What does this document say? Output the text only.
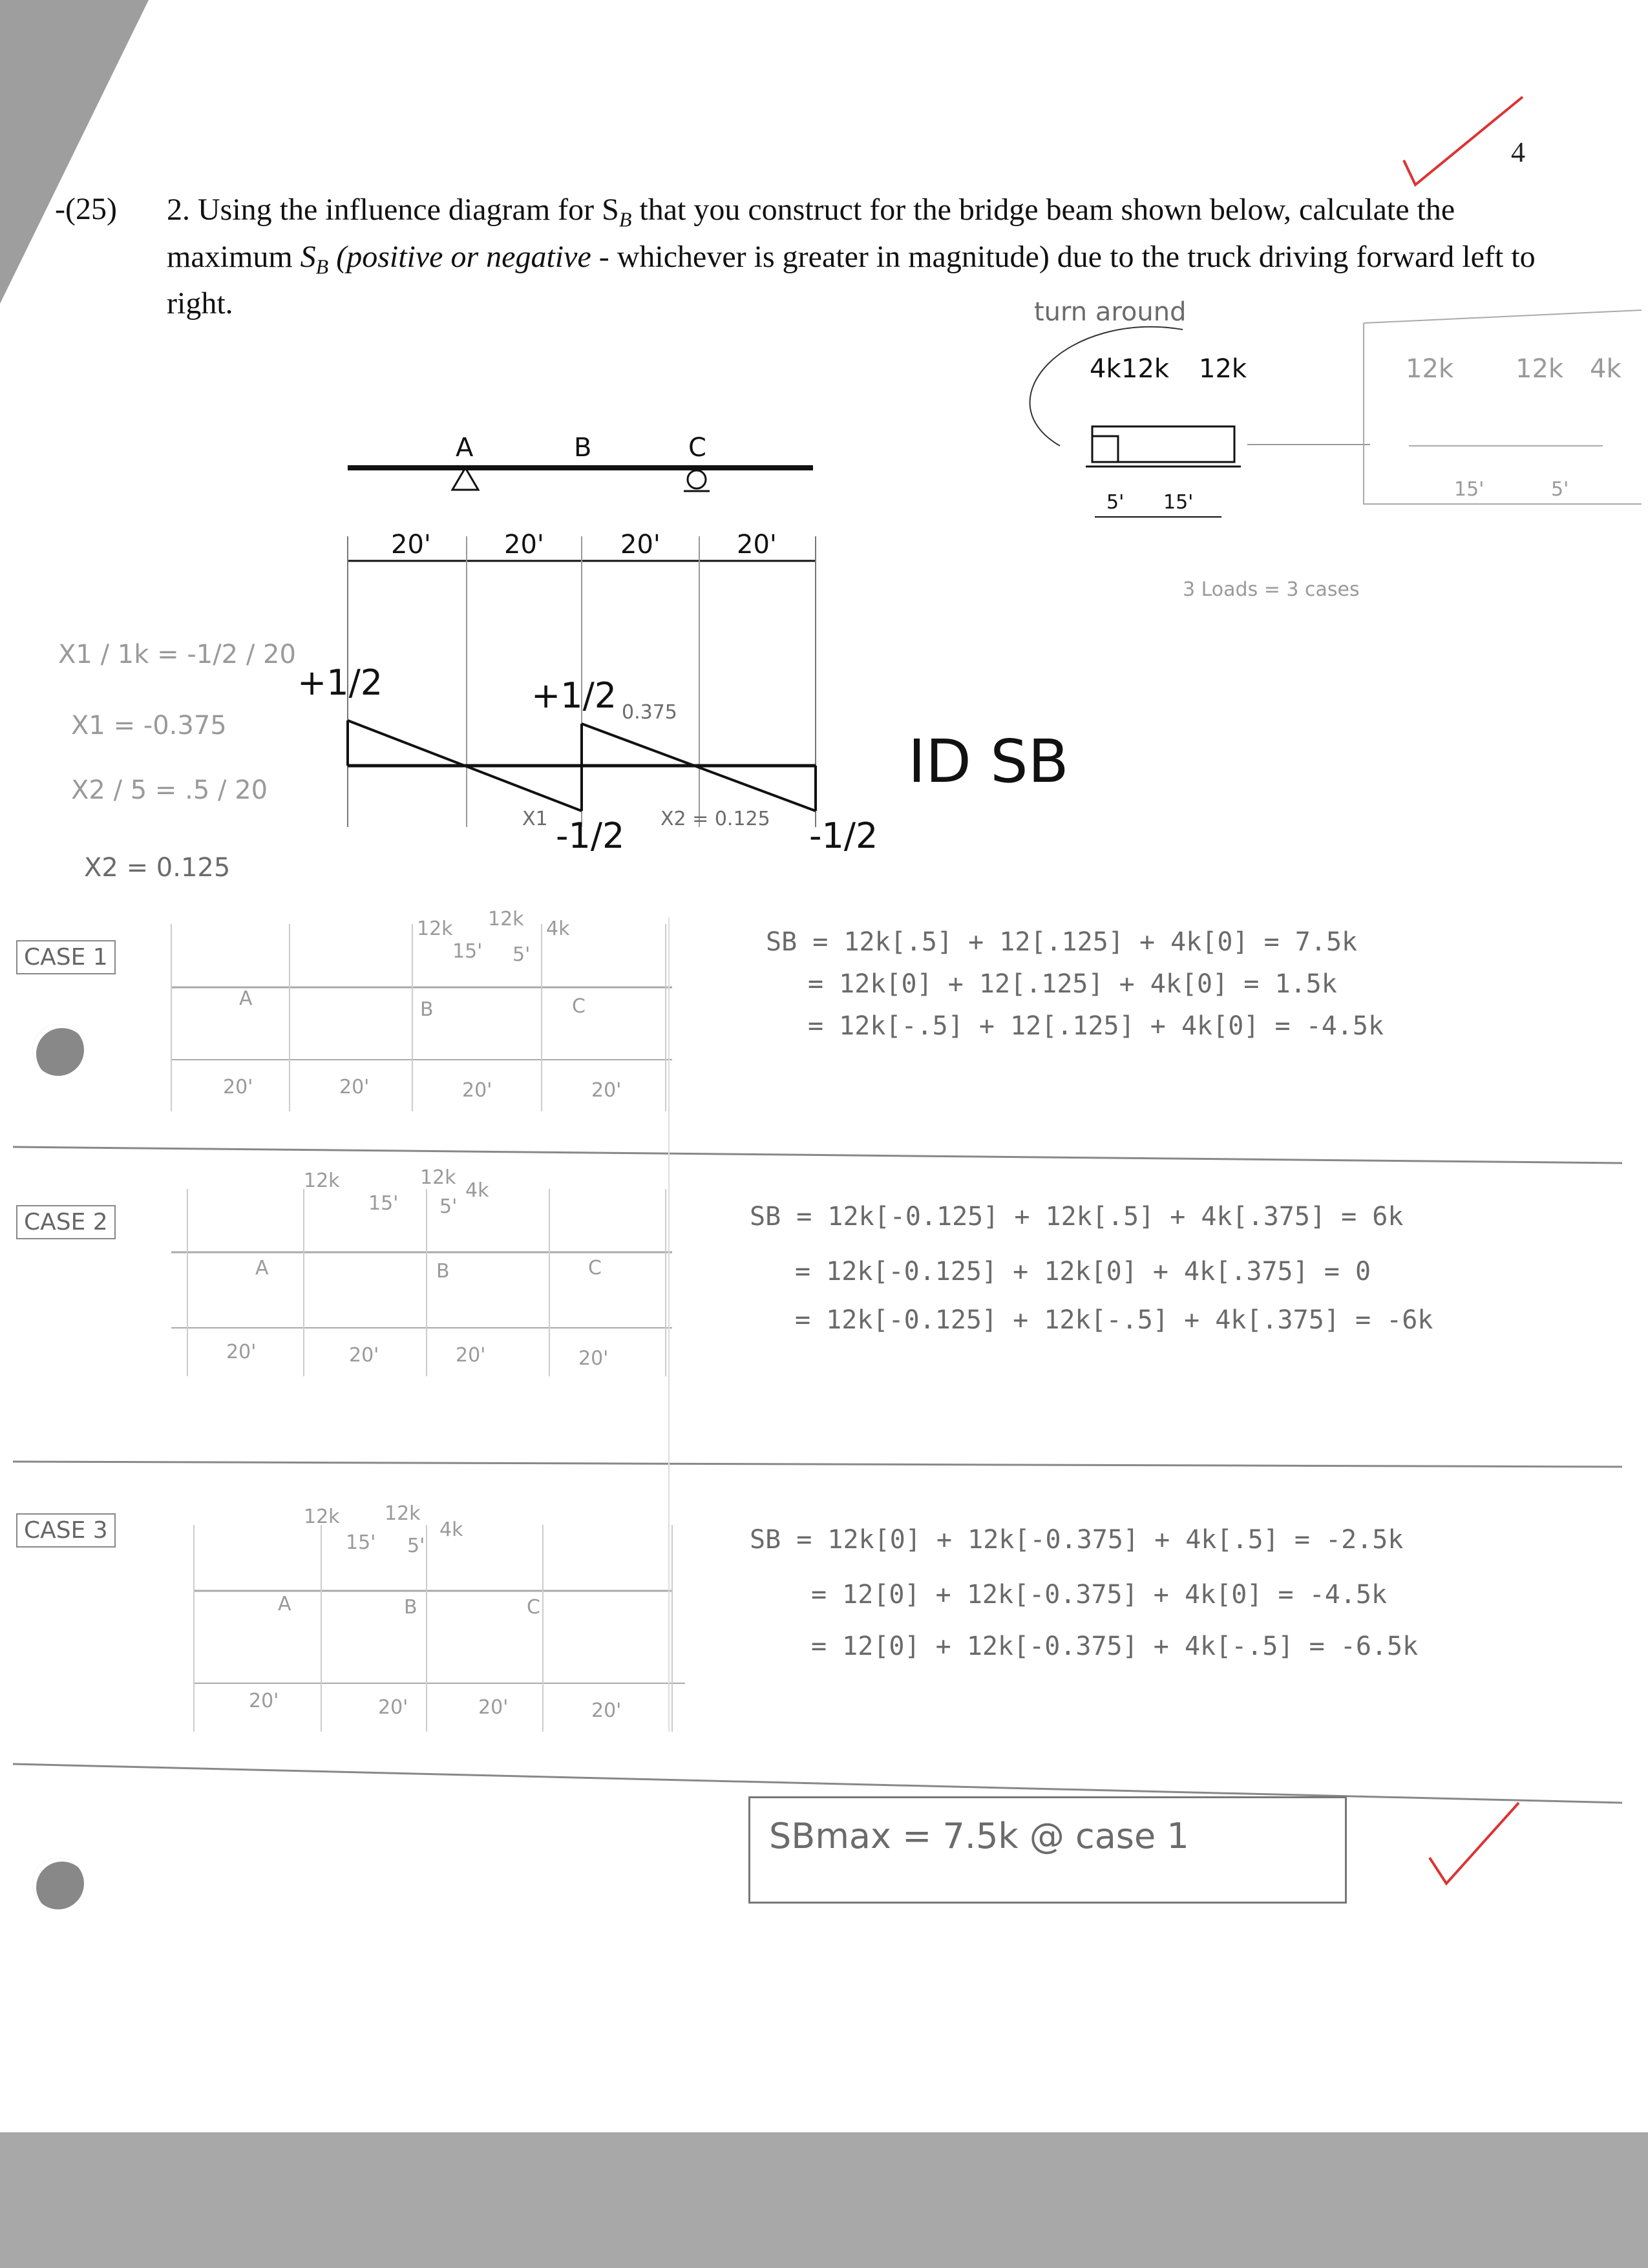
4
-(25) 2. Using the influence diagram for $S_B$ that you construct for the bridge beam shown below, calculate the maximum $S_B$ (positive or negative - whichever is greater in magnitude) due to the truck driving forward left to right.	turn around
4k 12k 12k
5' 15'
12k 12k 4k
15'	5'
3 Loads = 3 cases
A	B	C
20'	20'	20'	20'
+1/2	+1/2
-1/2	-1/2
X1	X2 = 0.125
0.375
ID SB
X1 / 1k = -1/2 / 20
X1 = -0.375
X2 / 5 = .5 / 20
X2 = 0.125
CASE 1
12k 12k 4k
15' 5'
A	B	C
20'	20'	20'	20'
SB = 12k[.5] + 12[.125] + 4k[0] = 7.5k
= 12k[0] + 12[.125] + 4k[0] = 1.5k
= 12k[-.5] + 12[.125] + 4k[0] = -4.5k
CASE 2
12k	12k
4k
15' 5'
A	B	C
20'	20'	20'	20'
SB = 12k[-0.125] + 12k[.5] + 4k[.375] = 6k
= 12k[-0.125] + 12k[0] + 4k[.375] = 0
= 12k[-0.125] + 12k[-.5] + 4k[.375] = -6k
CASE 3
12k 12k
4k
15' 5'
A	B	C
20'	20'	20'	20'
SB = 12k[0] + 12k[-0.375] + 4k[.5] = -2.5k
= 12[0] + 12k[-0.375] + 4k[0] = -4.5k
= 12[0] + 12k[-0.375] + 4k[-.5] = -6.5k
SBmax = 7.5k @ case 1
